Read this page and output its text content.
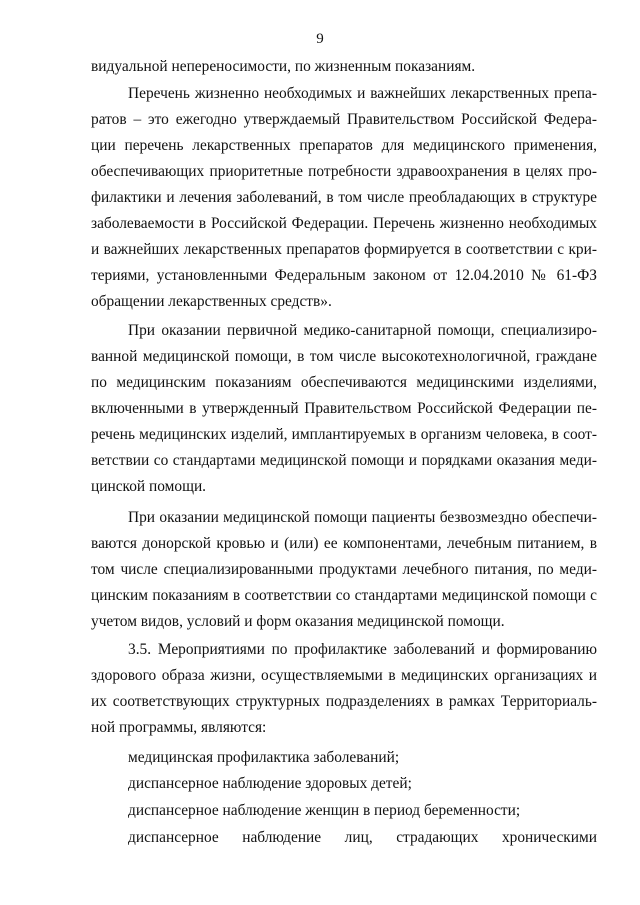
9
видуальной непереносимости, по жизненным показаниям.
Перечень жизненно необходимых и важнейших лекарственных препа-
ратов – это ежегодно утверждаемый Правительством Российской Федера-
ции перечень лекарственных препаратов для медицинского применения,
обеспечивающих приоритетные потребности здравоохранения в целях про-
филактики и лечения заболеваний, в том числе преобладающих в структуре
заболеваемости в Российской Федерации. Перечень жизненно необходимых
и важнейших лекарственных препаратов формируется в соответствии с кри-
териями, установленными Федеральным законом от 12.04.2010 № 61-ФЗ
обращении лекарственных средств».
При оказании первичной медико-санитарной помощи, специализиро-
ванной медицинской помощи, в том числе высокотехнологичной, граждане
по медицинским показаниям обеспечиваются медицинскими изделиями,
включенными в утвержденный Правительством Российской Федерации пе-
речень медицинских изделий, имплантируемых в организм человека, в соот-
ветствии со стандартами медицинской помощи и порядками оказания меди-
цинской помощи.
При оказании медицинской помощи пациенты безвозмездно обеспечи-
ваются донорской кровью и (или) ее компонентами, лечебным питанием, в
том числе специализированными продуктами лечебного питания, по меди-
цинским показаниям в соответствии со стандартами медицинской помощи с
учетом видов, условий и форм оказания медицинской помощи.
3.5. Мероприятиями по профилактике заболеваний и формированию
здорового образа жизни, осуществляемыми в медицинских организациях и
их соответствующих структурных подразделениях в рамках Территориаль-
ной программы, являются:
медицинская профилактика заболеваний;
диспансерное наблюдение здоровых детей;
диспансерное наблюдение женщин в период беременности;
диспансерное наблюдение лиц, страдающих хроническими
